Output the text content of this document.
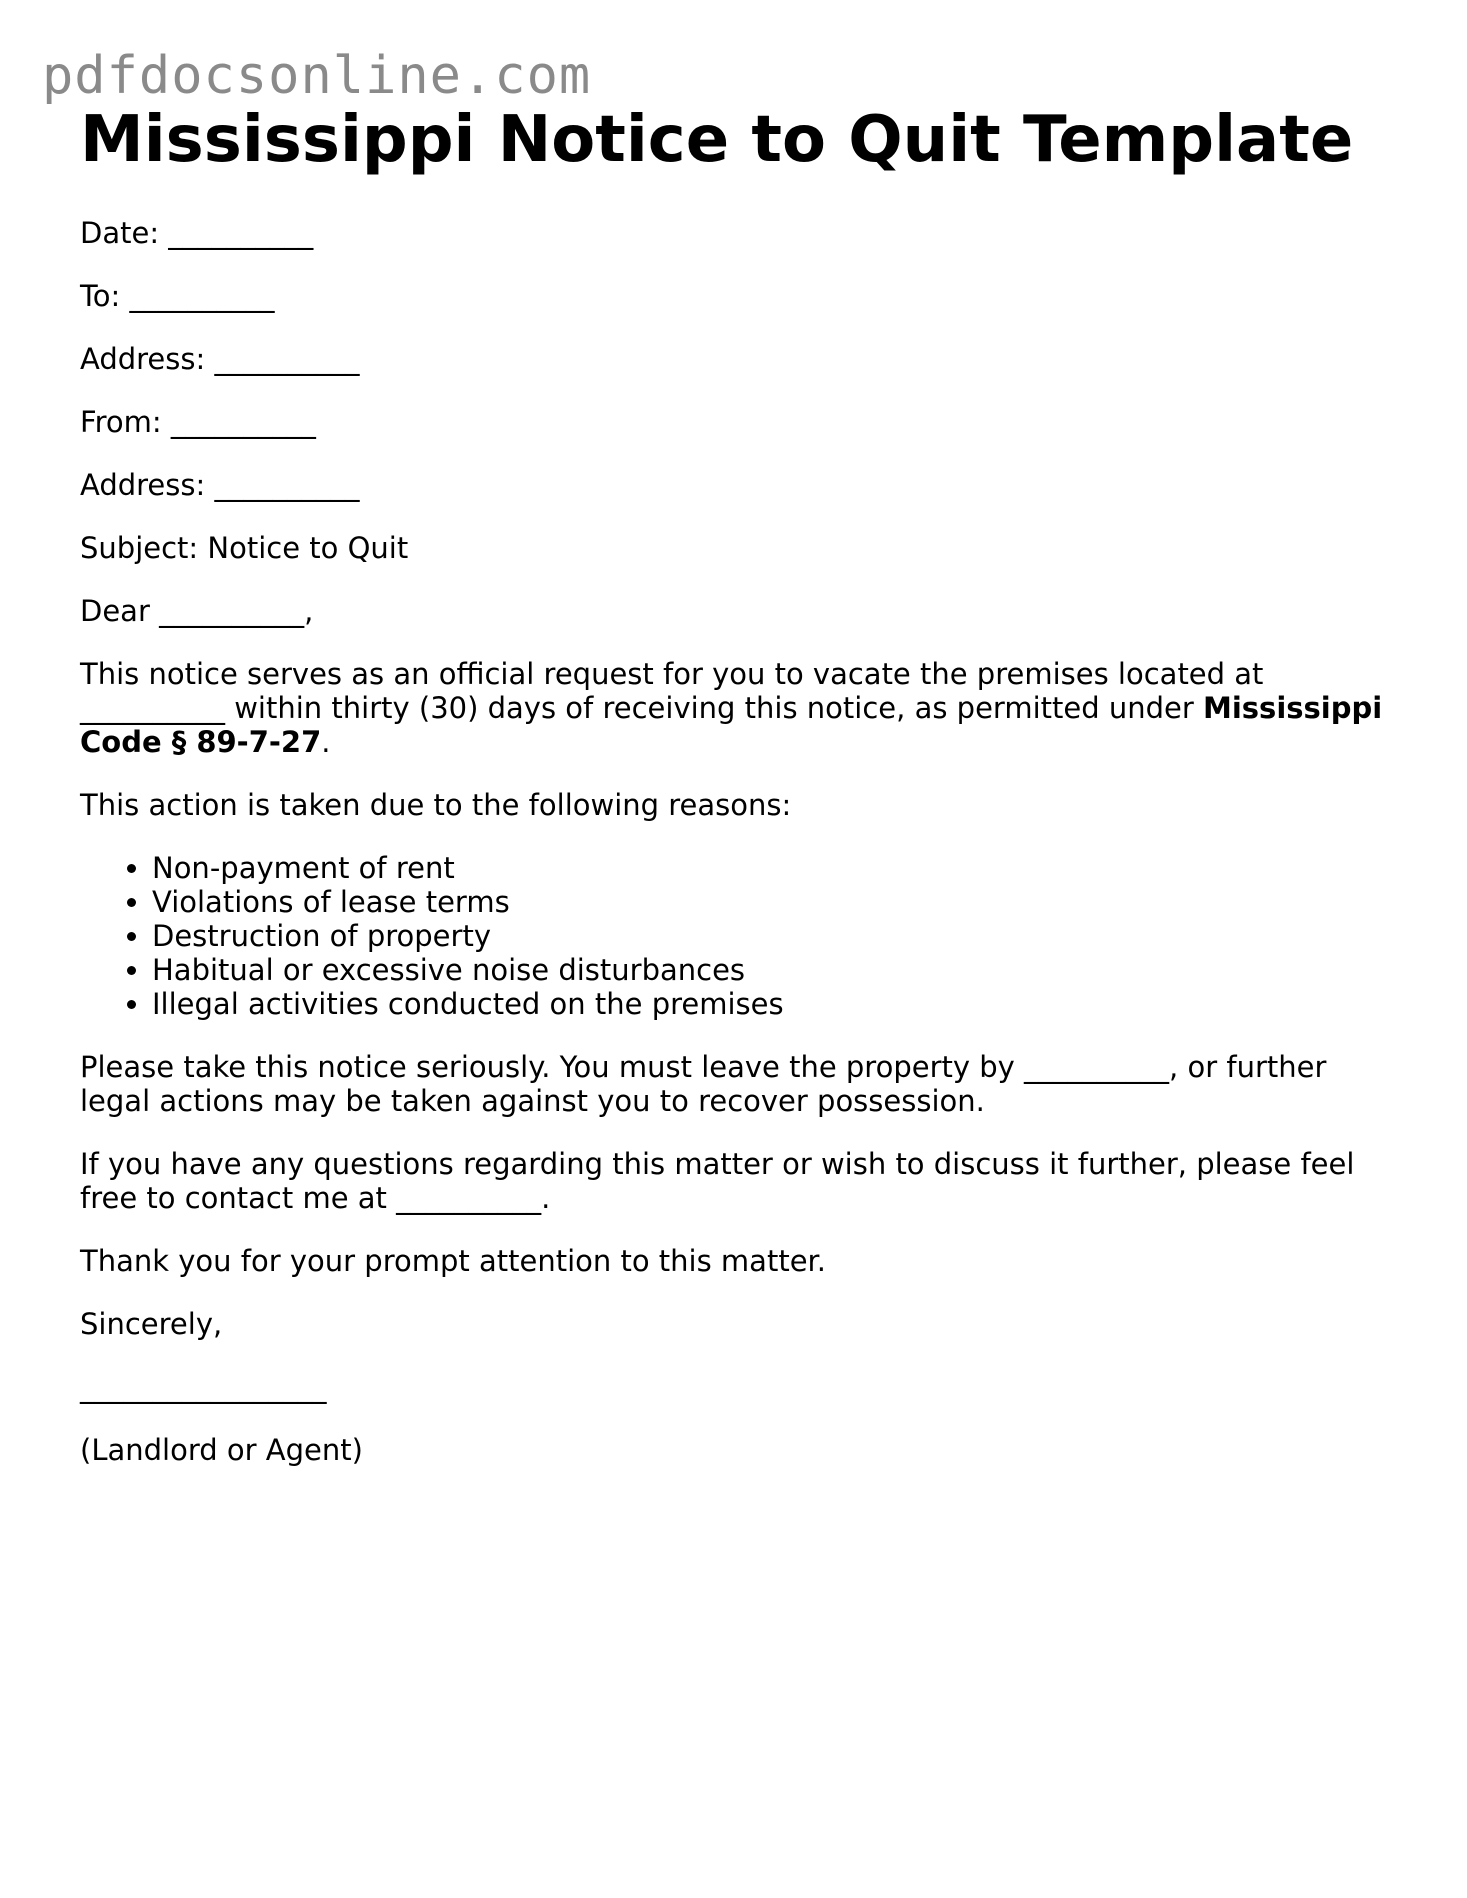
pdfdocsonline.com
Mississippi Notice to Quit Template

Date: __________

To: __________

Address: __________

From: __________

Address: __________

Subject: Notice to Quit

Dear __________,

This notice serves as an official request for you to vacate the premises located at __________ within thirty (30) days of receiving this notice, as permitted under Mississippi Code § 89-7-27.

This action is taken due to the following reasons:

• Non-payment of rent
• Violations of lease terms
• Destruction of property
• Habitual or excessive noise disturbances
• Illegal activities conducted on the premises

Please take this notice seriously. You must leave the property by __________, or further legal actions may be taken against you to recover possession.

If you have any questions regarding this matter or wish to discuss it further, please feel free to contact me at __________.

Thank you for your prompt attention to this matter.

Sincerely,

_________________

(Landlord or Agent)
